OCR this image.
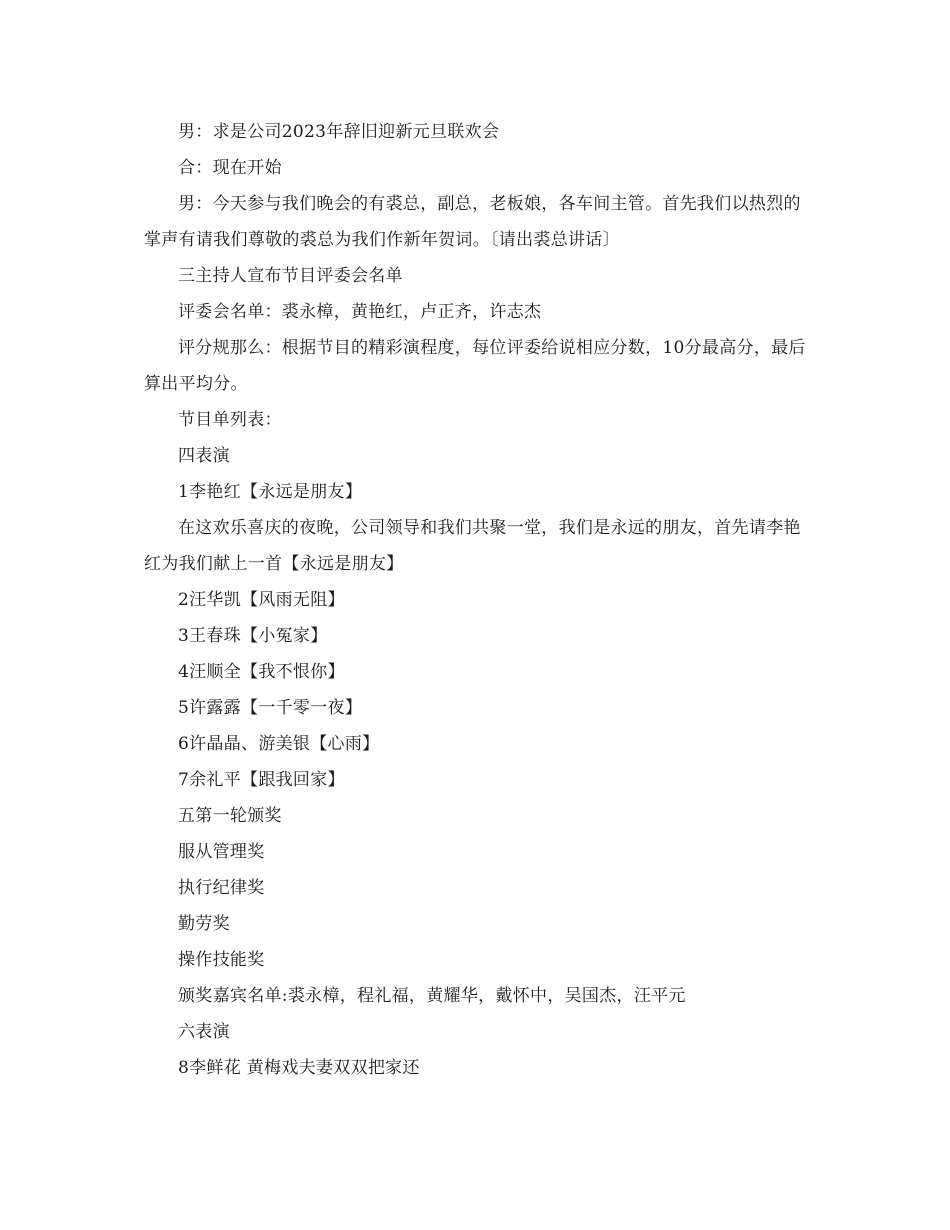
男：求是公司2023年辞旧迎新元旦联欢会

合：现在开始

男：今天参与我们晚会的有裘总，副总，老板娘，各车间主管。首先我们以热烈的掌声有请我们尊敬的裘总为我们作新年贺词。〔请出裘总讲话〕

三主持人宣布节目评委会名单

评委会名单：裘永樟，黄艳红，卢正齐，许志杰

评分规那么：根据节目的精彩演程度，每位评委给说相应分数，10分最高分，最后算出平均分。

节目单列表：

四表演

1李艳红【永远是朋友】

在这欢乐喜庆的夜晚，公司领导和我们共聚一堂，我们是永远的朋友，首先请李艳红为我们献上一首【永远是朋友】

2汪华凯【风雨无阻】

3王春珠【小冤家】

4汪顺全【我不恨你】

5许露露【一千零一夜】

6许晶晶、游美银【心雨】

7余礼平【跟我回家】

五第一轮颁奖

服从管理奖

执行纪律奖

勤劳奖

操作技能奖

颁奖嘉宾名单:裘永樟，程礼福，黄耀华，戴怀中，吴国杰，汪平元

六表演

8李鲜花 黄梅戏夫妻双双把家还
